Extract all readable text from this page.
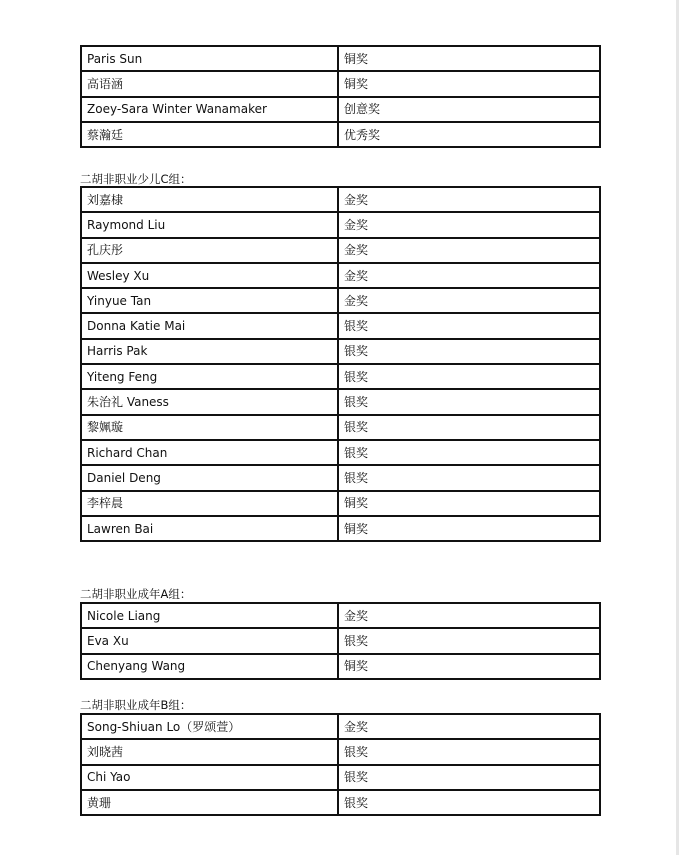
Paris Sun	铜奖
高语涵	铜奖
Zoey-Sara Winter Wanamaker	创意奖
蔡瀚廷	优秀奖
二胡非职业少儿C组：
刘嘉棣	金奖
Raymond Liu	金奖
孔庆彤	金奖
Wesley Xu	金奖
Yinyue Tan	金奖
Donna Katie Mai	银奖
Harris Pak	银奖
Yiteng Feng	银奖
朱治礼 Vaness	银奖
黎姵璇	银奖
Richard Chan	银奖
Daniel Deng	银奖
李梓晨	铜奖
Lawren Bai	铜奖
二胡非职业成年A组：
Nicole Liang	金奖
Eva Xu	银奖
Chenyang Wang	铜奖
二胡非职业成年B组：
Song-Shiuan Lo（罗颂萱）	金奖
刘晓茜	银奖
Chi Yao	银奖
黄珊	银奖
